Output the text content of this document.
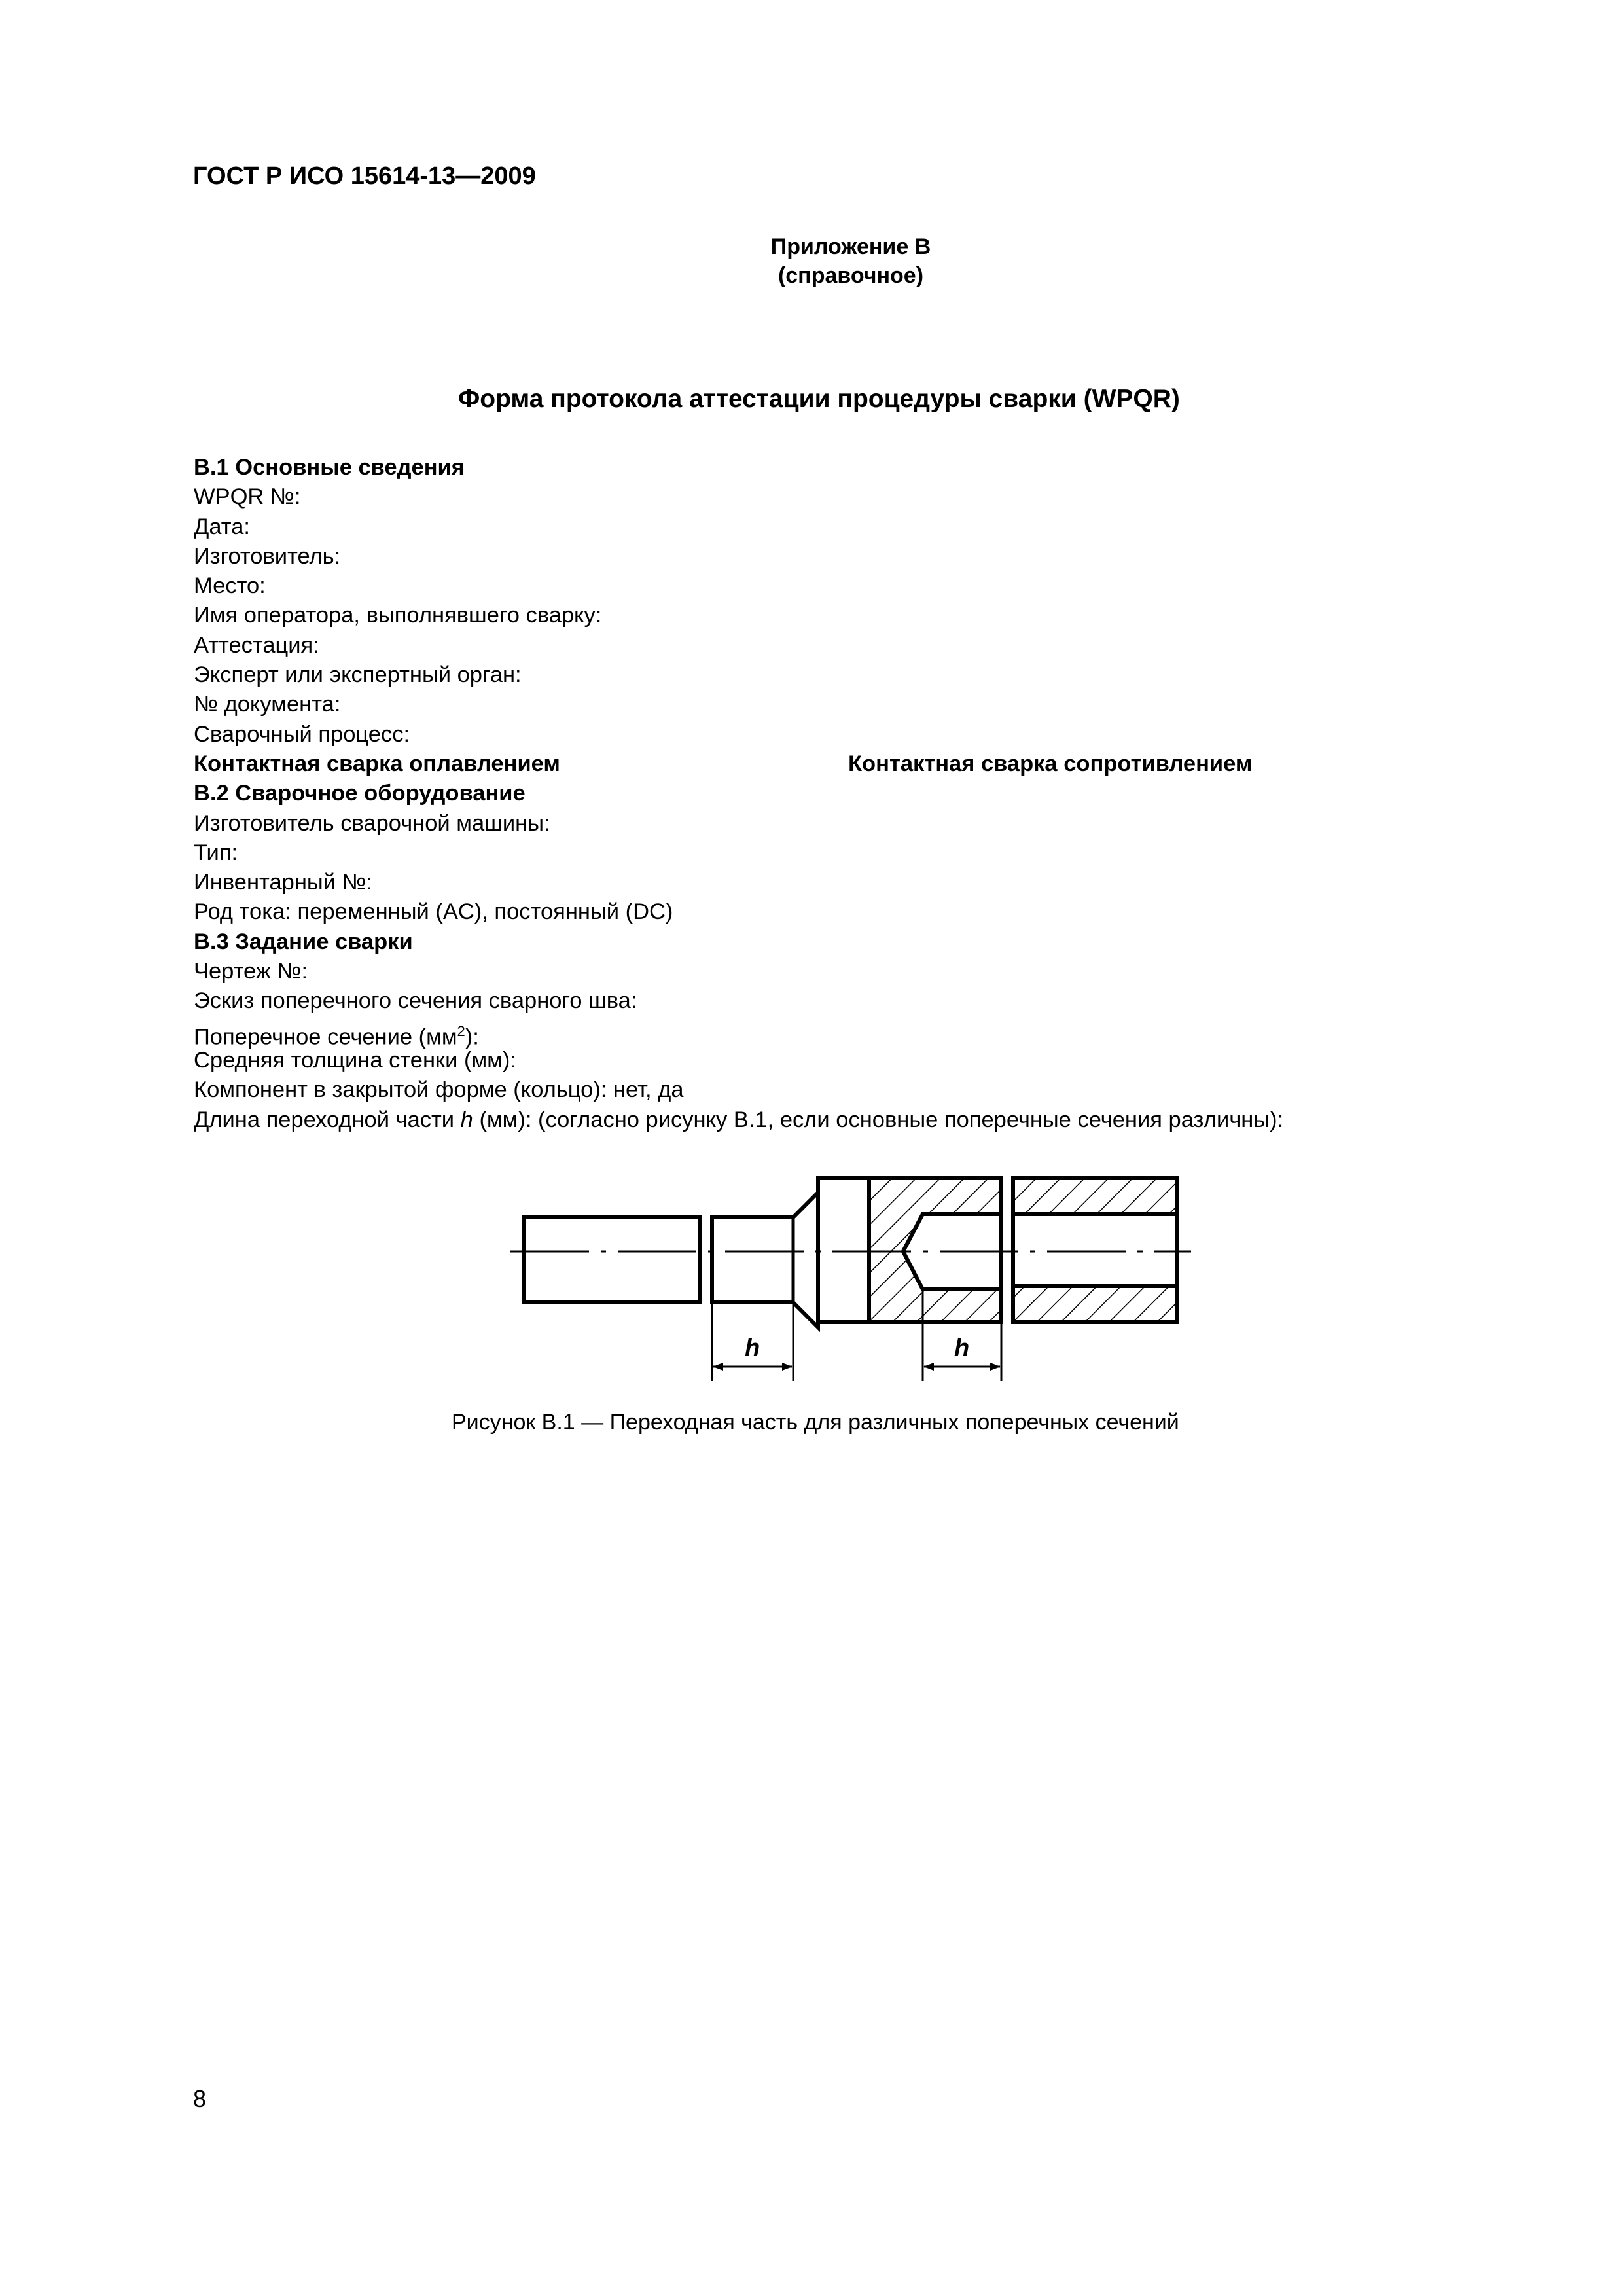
ГОСТ Р ИСО 15614-13—2009
Приложение В
(справочное)
Форма протокола аттестации процедуры сварки (WPQR)
В.1 Основные сведения
WPQR №:
Дата:
Изготовитель:
Место:
Имя оператора, выполнявшего сварку:
Аттестация:
Эксперт или экспертный орган:
№ документа:
Сварочный процесс:
Контактная сварка оплавлением	Контактная сварка сопротивлением
В.2 Сварочное оборудование
Изготовитель сварочной машины:
Тип:
Инвентарный №:
Род тока: переменный (AC), постоянный (DC)
В.3 Задание сварки
Чертеж №:
Эскиз поперечного сечения сварного шва:
Поперечное сечение $(мм^2)$:
Средняя толщина стенки (мм):
Компонент в закрытой форме (кольцо): нет, да
Длина переходной части h (мм): (согласно рисунку В.1, если основные поперечные сечения различны):
h	h
Рисунок В.1 — Переходная часть для различных поперечных сечений
8
